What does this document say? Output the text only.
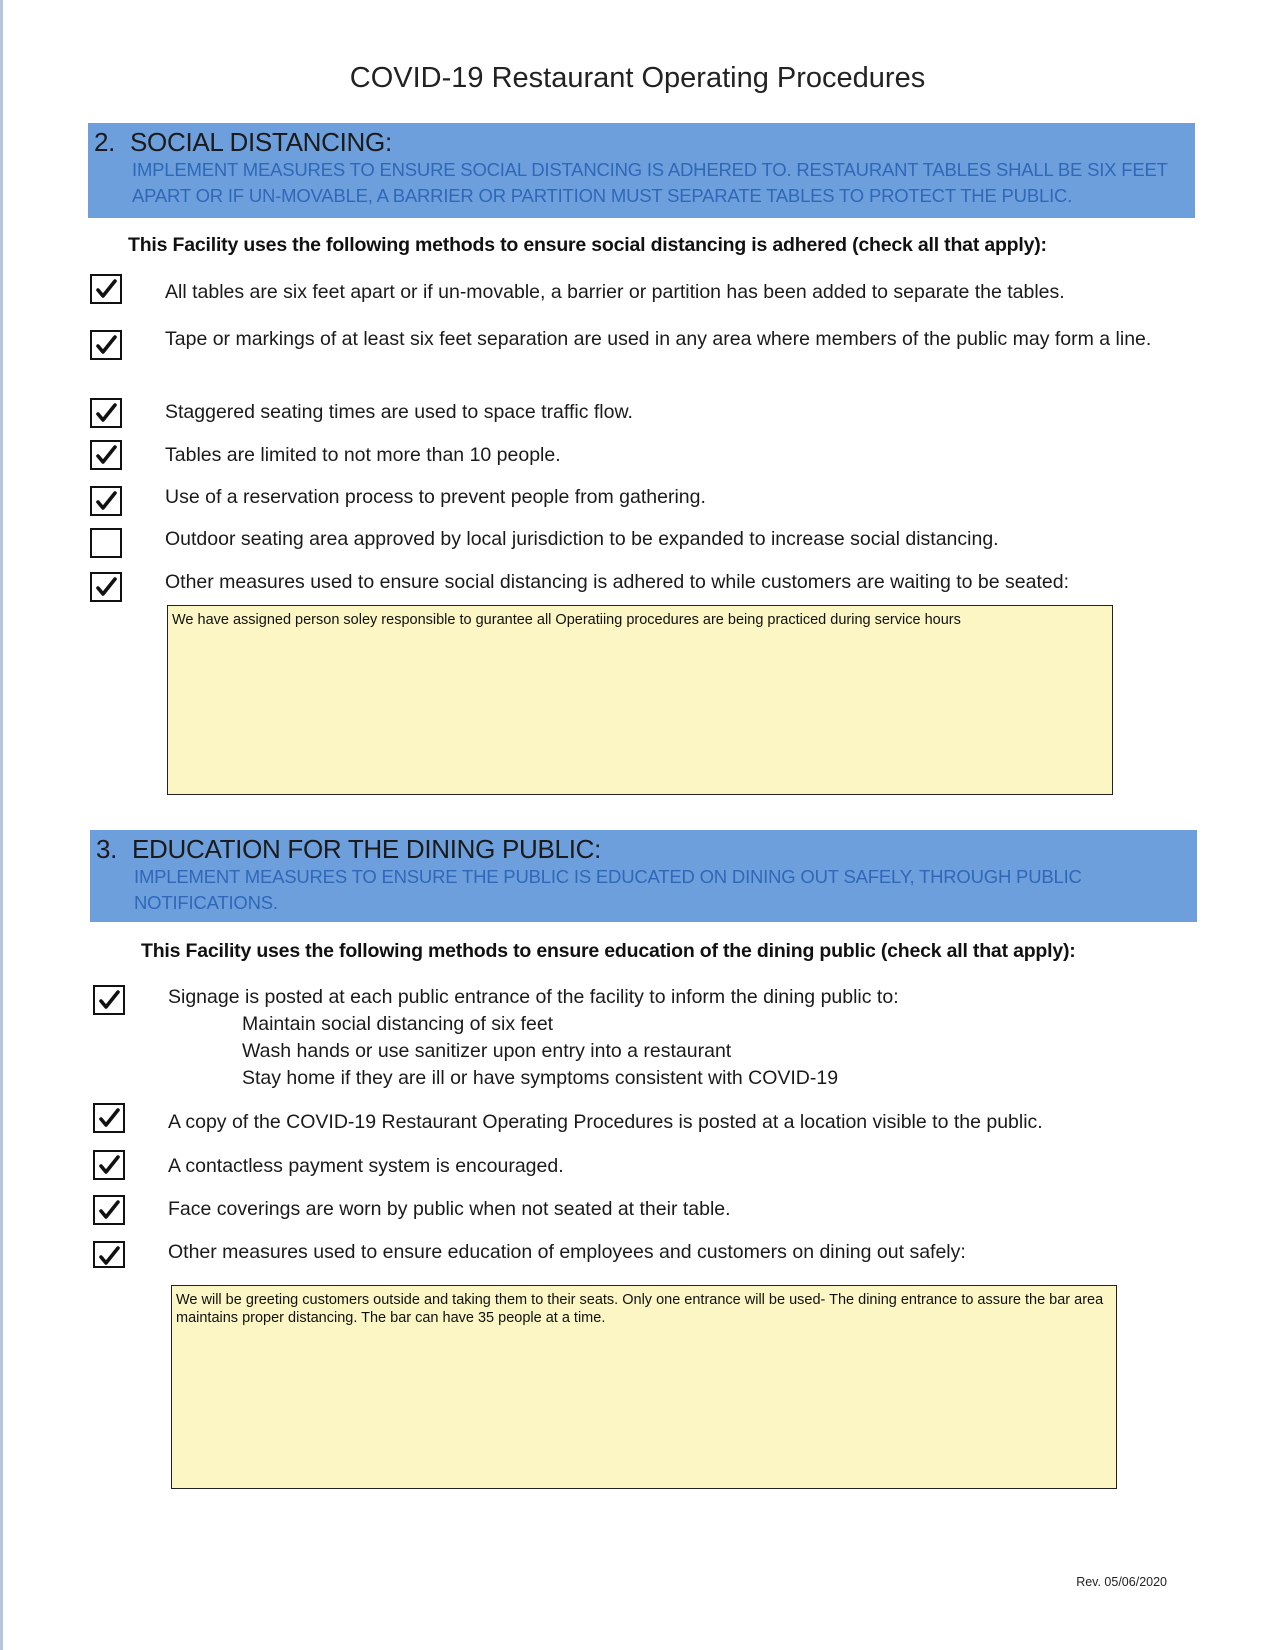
COVID-19 Restaurant Operating Procedures
2. SOCIAL DISTANCING:
IMPLEMENT MEASURES TO ENSURE SOCIAL DISTANCING IS ADHERED TO. RESTAURANT TABLES SHALL BE SIX FEET APART OR IF UN-MOVABLE, A BARRIER OR PARTITION MUST SEPARATE TABLES TO PROTECT THE PUBLIC.
This Facility uses the following methods to ensure social distancing is adhered (check all that apply):
All tables are six feet apart or if un-movable, a barrier or partition has been added to separate the tables.
Tape or markings of at least six feet separation are used in any area where members of the public may form a line.
Staggered seating times are used to space traffic flow.
Tables are limited to not more than 10 people.
Use of a reservation process to prevent people from gathering.
Outdoor seating area approved by local jurisdiction to be expanded to increase social distancing.
Other measures used to ensure social distancing is adhered to while customers are waiting to be seated:
We have assigned person soley responsible to gurantee all Operatiing procedures are being practiced during service hours
3. EDUCATION FOR THE DINING PUBLIC:
IMPLEMENT MEASURES TO ENSURE THE PUBLIC IS EDUCATED ON DINING OUT SAFELY, THROUGH PUBLIC NOTIFICATIONS.
This Facility uses the following methods to ensure education of the dining public (check all that apply):
Signage is posted at each public entrance of the facility to inform the dining public to:
Maintain social distancing of six feet
Wash hands or use sanitizer upon entry into a restaurant
Stay home if they are ill or have symptoms consistent with COVID-19
A copy of the COVID-19 Restaurant Operating Procedures is posted at a location visible to the public.
A contactless payment system is encouraged.
Face coverings are worn by public when not seated at their table.
Other measures used to ensure education of employees and customers on dining out safely:
We will be greeting customers outside and taking them to their seats. Only one entrance will be used- The dining entrance to assure the bar area maintains proper distancing. The bar can have 35 people at a time.
Rev. 05/06/2020
